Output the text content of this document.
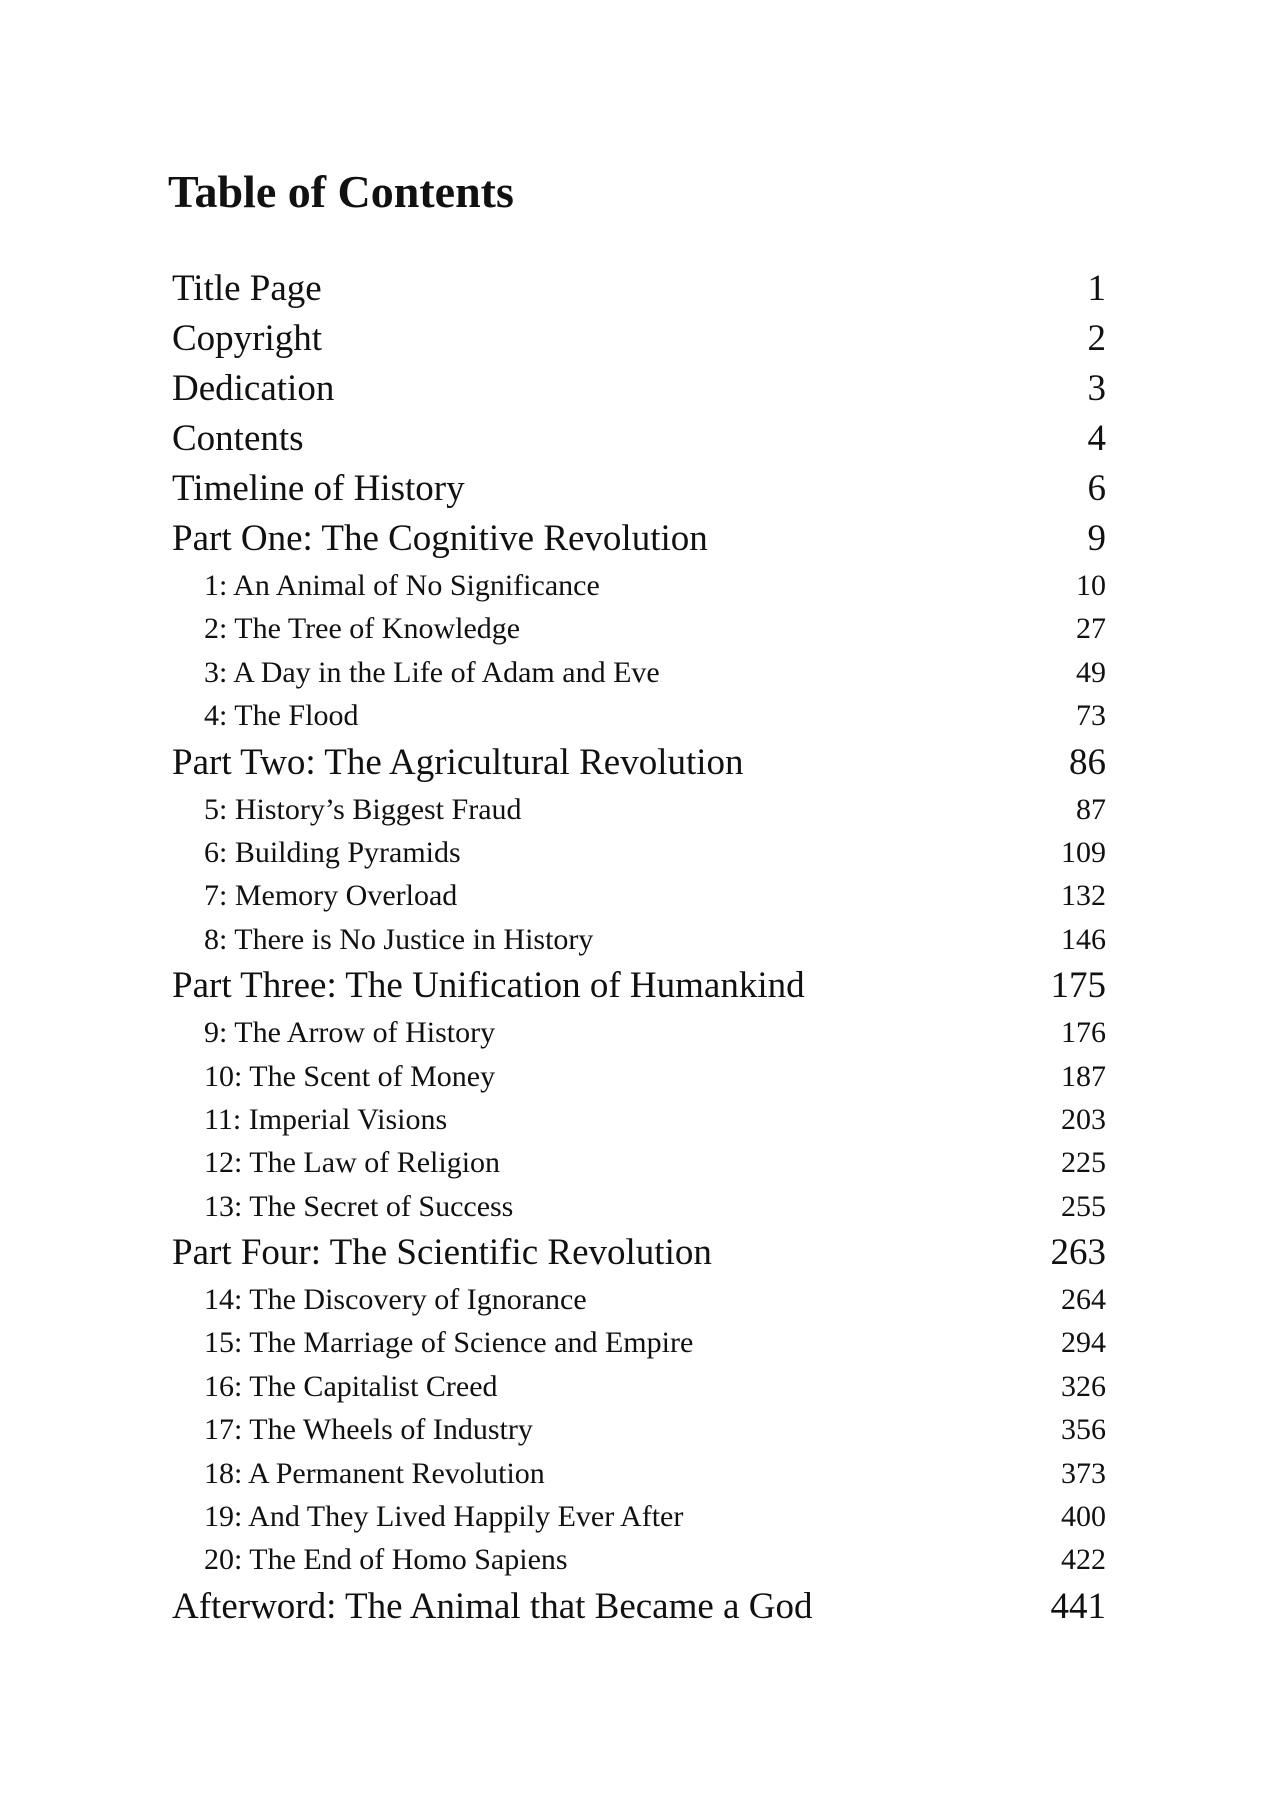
Table of Contents
Title Page	1
Copyright	2
Dedication	3
Contents	4
Timeline of History	6
Part One: The Cognitive Revolution	9
1: An Animal of No Significance	10
2: The Tree of Knowledge	27
3: A Day in the Life of Adam and Eve	49
4: The Flood	73
Part Two: The Agricultural Revolution	86
5: History’s Biggest Fraud	87
6: Building Pyramids	109
7: Memory Overload	132
8: There is No Justice in History	146
Part Three: The Unification of Humankind	175
9: The Arrow of History	176
10: The Scent of Money	187
11: Imperial Visions	203
12: The Law of Religion	225
13: The Secret of Success	255
Part Four: The Scientific Revolution	263
14: The Discovery of Ignorance	264
15: The Marriage of Science and Empire	294
16: The Capitalist Creed	326
17: The Wheels of Industry	356
18: A Permanent Revolution	373
19: And They Lived Happily Ever After	400
20: The End of Homo Sapiens	422
Afterword: The Animal that Became a God	441
